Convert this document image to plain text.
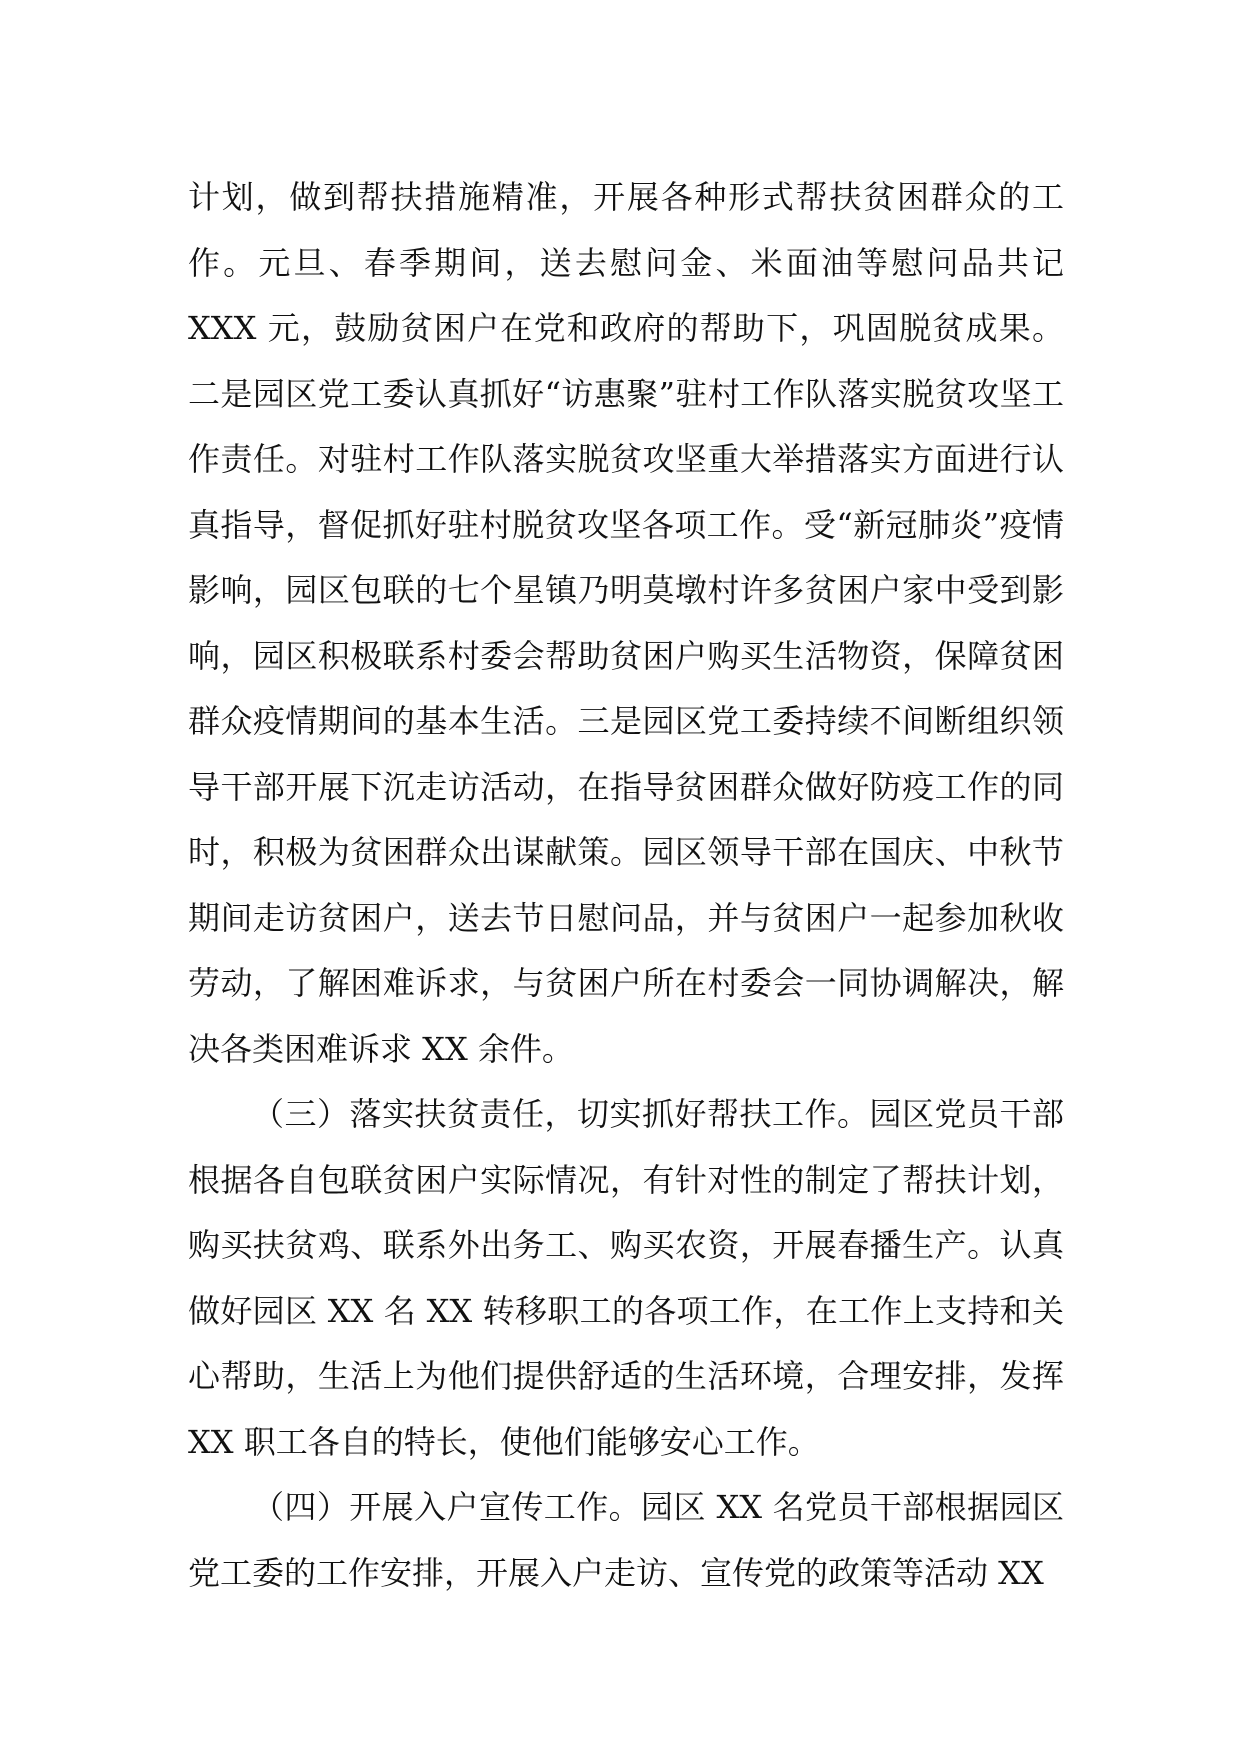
计划，做到帮扶措施精准，开展各种形式帮扶贫困群众的工作。元旦、春季期间，送去慰问金、米面油等慰问品共记 XXX 元，鼓励贫困户在党和政府的帮助下，巩固脱贫成果。二是园区党工委认真抓好“访惠聚”驻村工作队落实脱贫攻坚工作责任。对驻村工作队落实脱贫攻坚重大举措落实方面进行认真指导，督促抓好驻村脱贫攻坚各项工作。受“新冠肺炎”疫情影响，园区包联的七个星镇乃明莫墩村许多贫困户家中受到影响，园区积极联系村委会帮助贫困户购买生活物资，保障贫困群众疫情期间的基本生活。三是园区党工委持续不间断组织领导干部开展下沉走访活动，在指导贫困群众做好防疫工作的同时，积极为贫困群众出谋献策。园区领导干部在国庆、中秋节期间走访贫困户，送去节日慰问品，并与贫困户一起参加秋收劳动，了解困难诉求，与贫困户所在村委会一同协调解决，解决各类困难诉求 XX 余件。

（三）落实扶贫责任，切实抓好帮扶工作。园区党员干部根据各自包联贫困户实际情况，有针对性的制定了帮扶计划，购买扶贫鸡、联系外出务工、购买农资，开展春播生产。认真做好园区 XX 名 XX 转移职工的各项工作，在工作上支持和关心帮助，生活上为他们提供舒适的生活环境，合理安排，发挥 XX 职工各自的特长，使他们能够安心工作。

（四）开展入户宣传工作。园区 XX 名党员干部根据园区党工委的工作安排，开展入户走访、宣传党的政策等活动 XX
